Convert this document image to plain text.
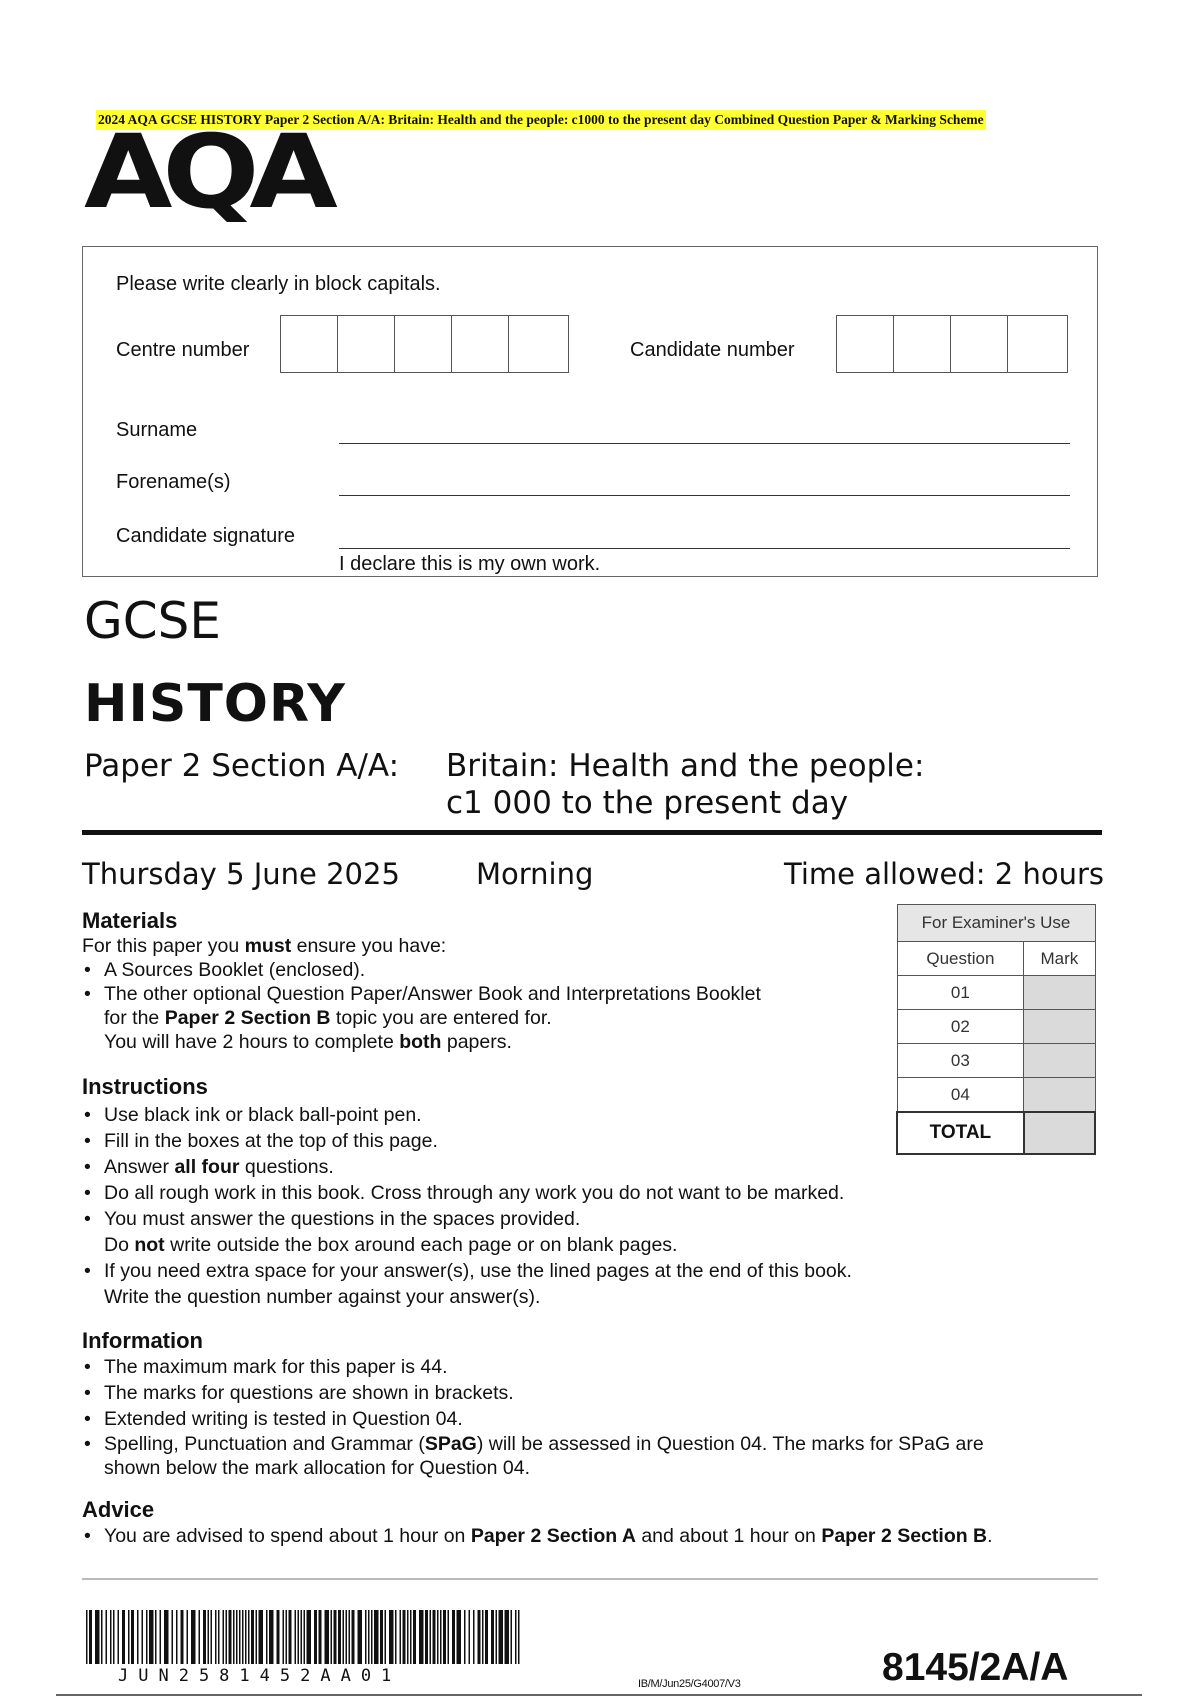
2024 AQA GCSE HISTORY Paper 2 Section A/A: Britain: Health and the people: c1000 to the present day Combined Question Paper & Marking Scheme
AQA
Please write clearly in block capitals.
Centre number	Candidate number
Surname
Forename(s)
Candidate signature
I declare this is my own work.
GCSE
HISTORY
Paper 2 Section A/A: Britain: Health and the people:
c1 000 to the present day
Thursday 5 June 2025	Morning	Time allowed: 2 hours
Materials
For this paper you must ensure you have:
• A Sources Booklet (enclosed).
• The other optional Question Paper/Answer Book and Interpretations Booklet
for the Paper 2 Section B topic you are entered for.
You will have 2 hours to complete both papers.
Instructions
• Use black ink or black ball-point pen.
• Fill in the boxes at the top of this page.
• Answer all four questions.
• Do all rough work in this book. Cross through any work you do not want to be marked.
• You must answer the questions in the spaces provided.
Do not write outside the box around each page or on blank pages.
• If you need extra space for your answer(s), use the lined pages at the end of this book.
Write the question number against your answer(s).
Information
• The maximum mark for this paper is 44.
• The marks for questions are shown in brackets.
• Extended writing is tested in Question 04.
• Spelling, Punctuation and Grammar (SPaG) will be assessed in Question 04. The marks for SPaG are
shown below the mark allocation for Question 04.
Advice
• You are advised to spend about 1 hour on Paper 2 Section A and about 1 hour on Paper 2 Section B.
For Examiner's Use	
Question	Mark
01	
02	
03	
04	
TOTAL	
JUN2581452AA01	IB/M/Jun25/G4007/V3	8145/2A/A
